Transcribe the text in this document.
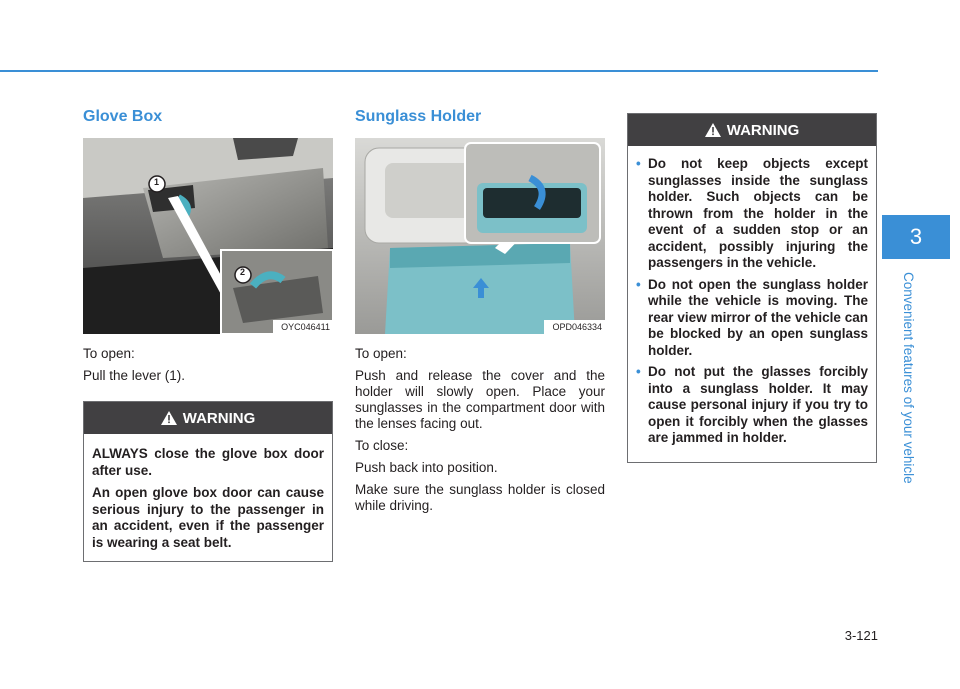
Glove Box
OYC046411
1
2

To open:

Pull the lever (1).

WARNING

ALWAYS close the glove box door after use.

An open glove box door can cause serious injury to the passenger in an accident, even if the passenger is wearing a seat belt.

Sunglass Holder
OPD046334

To open:

Push and release the cover and the holder will slowly open. Place your sunglasses in the compartment door with the lenses facing out.

To close:

Push back into position.

Make sure the sunglass holder is closed while driving.

WARNING
• Do not keep objects except sunglasses inside the sunglass holder. Such objects can be thrown from the holder in the event of a sudden stop or an accident, possibly injuring the passengers in the vehicle.
• Do not open the sunglass holder while the vehicle is moving. The rear view mirror of the vehicle can be blocked by an open sunglass holder.
• Do not put the glasses forcibly into a sunglass holder. It may cause personal injury if you try to open it forcibly when the glasses are jammed in holder.
3
Convenient features of your vehicle
3-121
